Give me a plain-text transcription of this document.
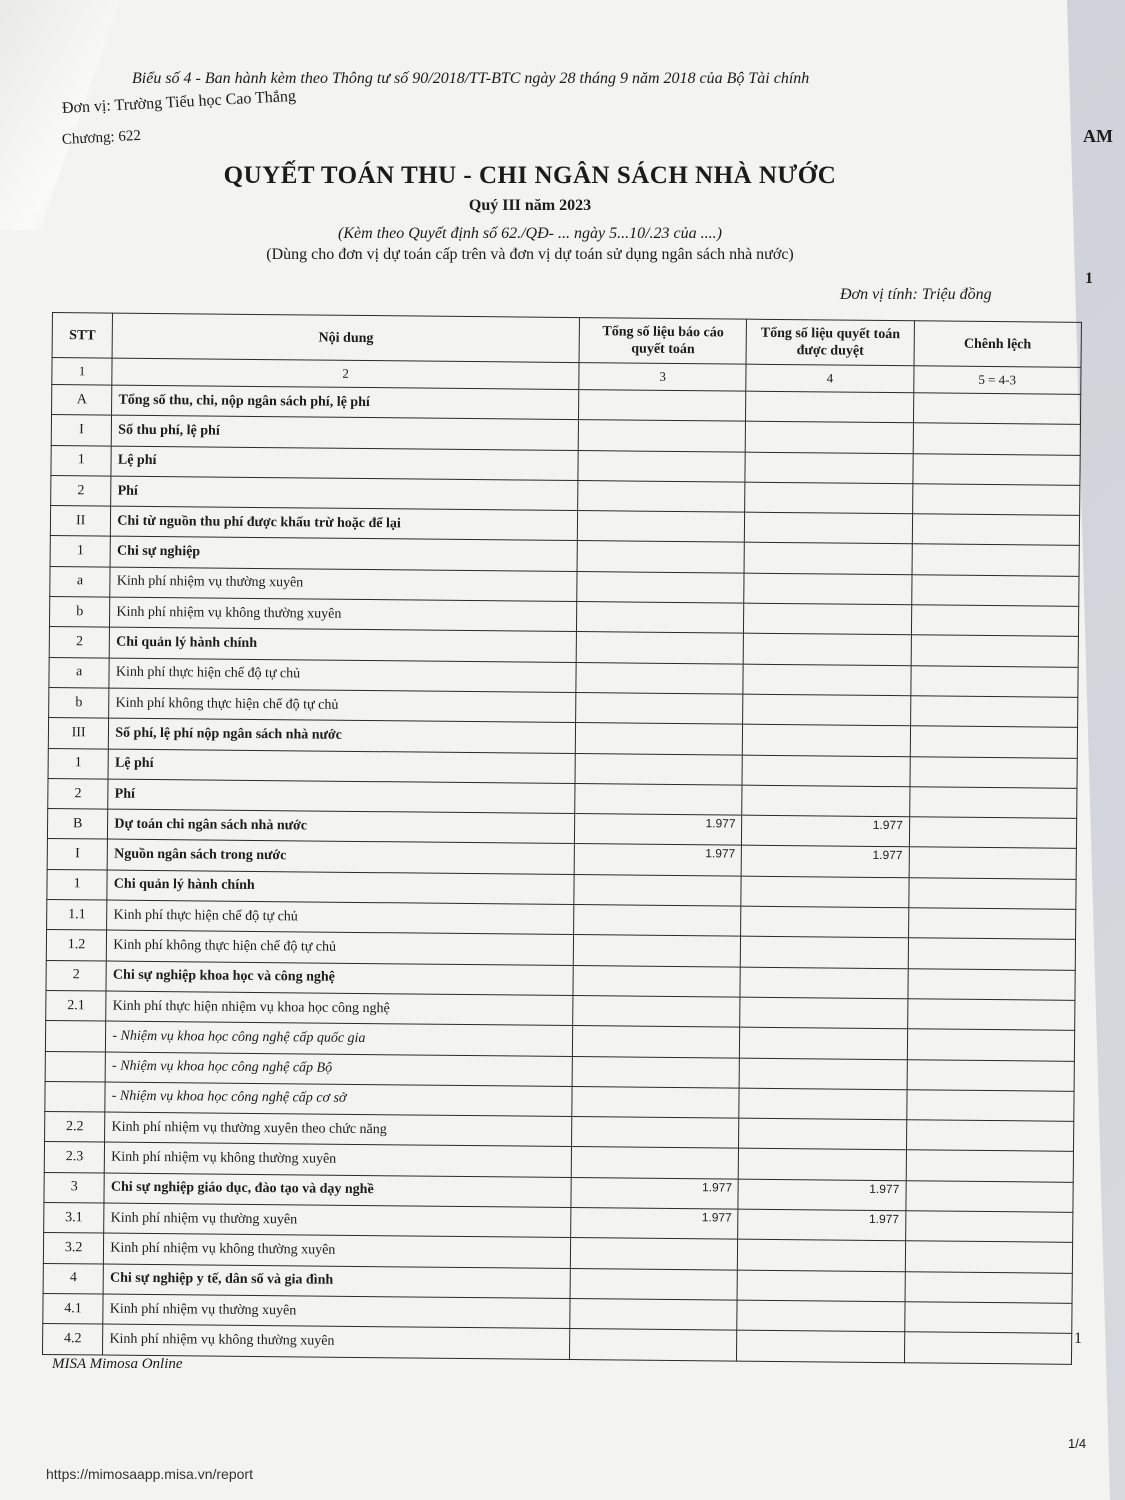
Biểu số 4 - Ban hành kèm theo Thông tư số 90/2018/TT-BTC ngày 28 tháng 9 năm 2018 của Bộ Tài chính
Đơn vị: Trường Tiểu học Cao Thắng
Chương: 622	AM
1
QUYẾT TOÁN THU - CHI NGÂN SÁCH NHÀ NƯỚC
Quý III năm 2023
(Kèm theo Quyết định số 62./QĐ- ... ngày 5...10/.23 của ....)
(Dùng cho đơn vị dự toán cấp trên và đơn vị dự toán sử dụng ngân sách nhà nước)
Đơn vị tính: Triệu đồng
STT	Nội dung	Tổng số liệu báo cáo quyết toán	Tổng số liệu quyết toán được duyệt	Chênh lệch
1	2	3	4	5 = 4-3
A	Tổng số thu, chi, nộp ngân sách phí, lệ phí			
I	Số thu phí, lệ phí			
1	Lệ phí			
2	Phí			
II	Chi từ nguồn thu phí được khấu trừ hoặc để lại			
1	Chi sự nghiệp			
a	Kinh phí nhiệm vụ thường xuyên			
b	Kinh phí nhiệm vụ không thường xuyên			
2	Chi quản lý hành chính			
a	Kinh phí thực hiện chế độ tự chủ			
b	Kinh phí không thực hiện chế độ tự chủ			
III	Số phí, lệ phí nộp ngân sách nhà nước			
1	Lệ phí			
2	Phí			
B	Dự toán chi ngân sách nhà nước	1.977	1.977	
I	Nguồn ngân sách trong nước	1.977	1.977	
1	Chi quản lý hành chính			
1.1	Kinh phí thực hiện chế độ tự chủ			
1.2	Kinh phí không thực hiện chế độ tự chủ			
2	Chi sự nghiệp khoa học và công nghệ			
2.1	Kinh phí thực hiện nhiệm vụ khoa học công nghệ			
	- Nhiệm vụ khoa học công nghệ cấp quốc gia			
	- Nhiệm vụ khoa học công nghệ cấp Bộ			
	- Nhiệm vụ khoa học công nghệ cấp cơ sở			
2.2	Kinh phí nhiệm vụ thường xuyên theo chức năng			
2.3	Kinh phí nhiệm vụ không thường xuyên			
3	Chi sự nghiệp giáo dục, đào tạo và dạy nghề	1.977	1.977	
3.1	Kinh phí nhiệm vụ thường xuyên	1.977	1.977	
3.2	Kinh phí nhiệm vụ không thường xuyên			
4	Chi sự nghiệp y tế, dân số và gia đình			
4.1	Kinh phí nhiệm vụ thường xuyên			
4.2	Kinh phí nhiệm vụ không thường xuyên				1
MISA Mimosa Online
1/4
https://mimosaapp.misa.vn/report
